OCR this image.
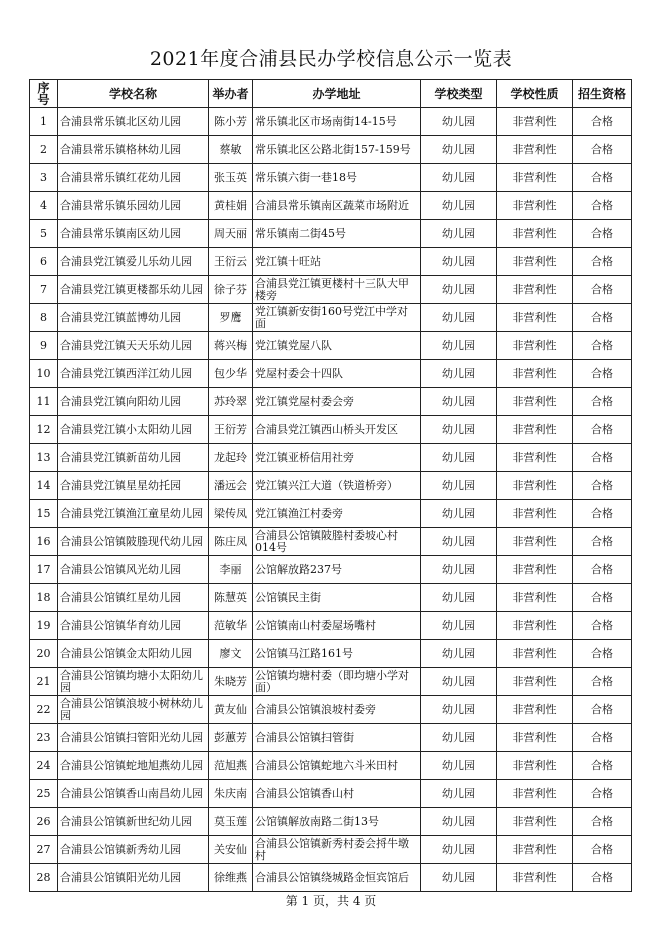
2021年度合浦县民办学校信息公示一览表
序号	学校名称	举办者	办学地址	学校类型	学校性质	招生资格
1	合浦县常乐镇北区幼儿园	陈小芳	常乐镇北区市场南街14-15号	幼儿园	非营利性	合格
2	合浦县常乐镇格林幼儿园	蔡敏	常乐镇北区公路北街157-159号	幼儿园	非营利性	合格
3	合浦县常乐镇红花幼儿园	张玉英	常乐镇六街一巷18号	幼儿园	非营利性	合格
4	合浦县常乐镇乐园幼儿园	黄桂娟	合浦县常乐镇南区蔬菜市场附近	幼儿园	非营利性	合格
5	合浦县常乐镇南区幼儿园	周天丽	常乐镇南二街45号	幼儿园	非营利性	合格
6	合浦县党江镇爱儿乐幼儿园	王衍云	党江镇十旺站	幼儿园	非营利性	合格
7	合浦县党江镇更楼都乐幼儿园	徐子芬	合浦县党江镇更楼村十三队大甲楼旁	幼儿园	非营利性	合格
8	合浦县党江镇蓝博幼儿园	罗鹰	党江镇新安街160号党江中学对面	幼儿园	非营利性	合格
9	合浦县党江镇天天乐幼儿园	蒋兴梅	党江镇党屋八队	幼儿园	非营利性	合格
10	合浦县党江镇西洋江幼儿园	包少华	党屋村委会十四队	幼儿园	非营利性	合格
11	合浦县党江镇向阳幼儿园	苏玲翠	党江镇党屋村委会旁	幼儿园	非营利性	合格
12	合浦县党江镇小太阳幼儿园	王衍芳	合浦县党江镇西山桥头开发区	幼儿园	非营利性	合格
13	合浦县党江镇新苗幼儿园	龙起玲	党江镇亚桥信用社旁	幼儿园	非营利性	合格
14	合浦县党江镇星星幼托园	潘远会	党江镇兴江大道（铁道桥旁）	幼儿园	非营利性	合格
15	合浦县党江镇渔江童星幼儿园	梁传凤	党江镇渔江村委旁	幼儿园	非营利性	合格
16	合浦县公馆镇陂塍现代幼儿园	陈庄凤	合浦县公馆镇陂塍村委坡心村014号	幼儿园	非营利性	合格
17	合浦县公馆镇风光幼儿园	李丽	公馆解放路237号	幼儿园	非营利性	合格
18	合浦县公馆镇红星幼儿园	陈慧英	公馆镇民主街	幼儿园	非营利性	合格
19	合浦县公馆镇华育幼儿园	范敏华	公馆镇南山村委屋场嘴村	幼儿园	非营利性	合格
20	合浦县公馆镇金太阳幼儿园	廖文	公馆镇马江路161号	幼儿园	非营利性	合格
21	合浦县公馆镇均塘小太阳幼儿园	朱晓芳	公馆镇均塘村委（即均塘小学对面）	幼儿园	非营利性	合格
22	合浦县公馆镇浪坡小树林幼儿园	黄友仙	合浦县公馆镇浪坡村委旁	幼儿园	非营利性	合格
23	合浦县公馆镇扫管阳光幼儿园	彭蕙芳	合浦县公馆镇扫管街	幼儿园	非营利性	合格
24	合浦县公馆镇蛇地旭燕幼儿园	范旭燕	合浦县公馆镇蛇地六斗米田村	幼儿园	非营利性	合格
25	合浦县公馆镇香山南昌幼儿园	朱庆南	合浦县公馆镇香山村	幼儿园	非营利性	合格
26	合浦县公馆镇新世纪幼儿园	莫玉莲	公馆镇解放南路二街13号	幼儿园	非营利性	合格
27	合浦县公馆镇新秀幼儿园	关安仙	合浦县公馆镇新秀村委会捋牛墩村	幼儿园	非营利性	合格
28	合浦县公馆镇阳光幼儿园	徐维燕	合浦县公馆镇绕城路金恒宾馆后	幼儿园	非营利性	合格
第 1 页，共 4 页
